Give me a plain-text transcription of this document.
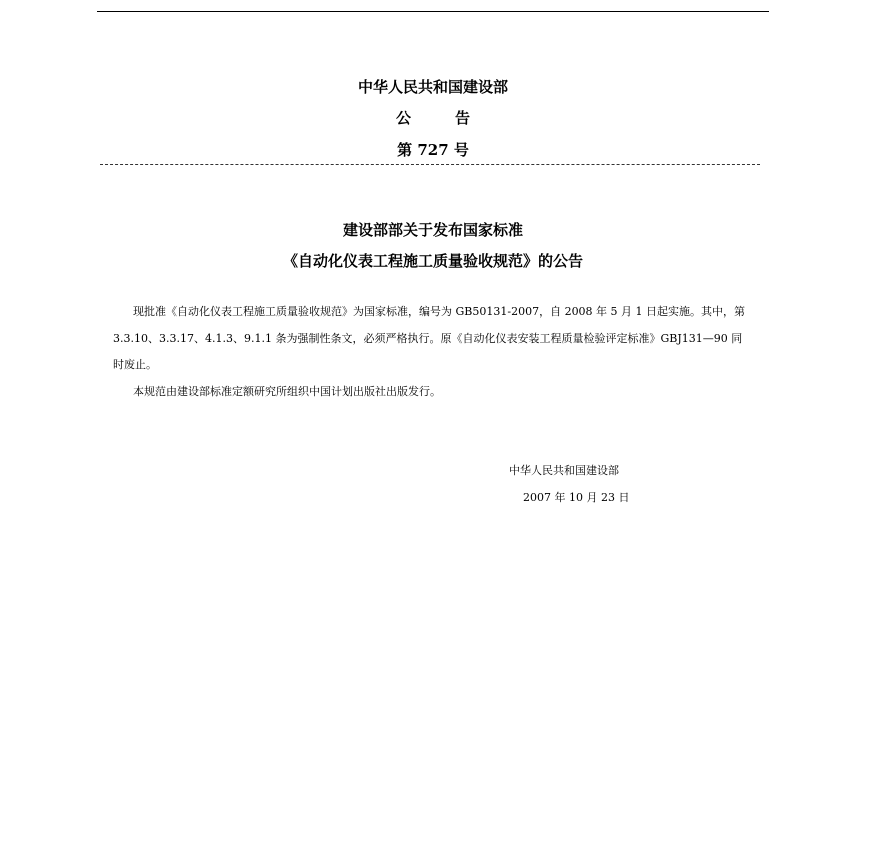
中华人民共和国建设部
公告
第 727 号
建设部部关于发布国家标准
《自动化仪表工程施工质量验收规范》的公告

现批准《自动化仪表工程施工质量验收规范》为国家标准，编号为 GB50131-2007，自 2008 年 5 月 1 日起实施。其中，第 3.3.10、3.3.17、4.1.3、9.1.1 条为强制性条文，必须严格执行。原《自动化仪表安装工程质量检验评定标准》GBJ131—90 同时废止。

本规范由建设部标准定额研究所组织中国计划出版社出版发行。

中华人民共和国建设部
2007 年 10 月 23 日
